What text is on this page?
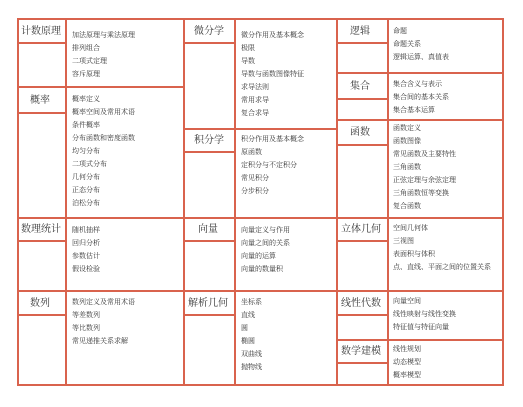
计数原理 加法原理与乘法原理
排列组合
二项式定理
容斥原理
概率	概率定义
概率空间及常用术语
条件概率
分布函数和密度函数
均匀分布
二项式分布
几何分布
正态分布
泊松分布
数理统计 随机抽样
回归分析
参数估计
假设检验
数列	数列定义及常用术语
等差数列
等比数列
常见递推关系求解
微分学 微分作用及基本概念
极限
导数
导数与函数图像特征
求导法则
常用求导
复合求导
积分学 积分作用及基本概念
原函数
定积分与不定积分
常见积分
分步积分
向量	向量定义与作用
向量之间的关系
向量的运算
向量的数量积
解析几何 坐标系
直线
圆
椭圆
双曲线
抛物线
逻辑	命题
命题关系
逻辑运算、真值表
集合	集合含义与表示
集合间的基本关系
集合基本运算
函数	函数定义
函数图像
常见函数及主要特性
三角函数
正弦定理与余弦定理
三角函数恒等变换
复合函数
立体几何 空间几何体
三视图
表面积与体积
点、直线、平面之间的位置关系
线性代数 向量空间
线性映射与线性变换
特征值与特征向量
数学建模 线性规划
动态模型
概率模型
